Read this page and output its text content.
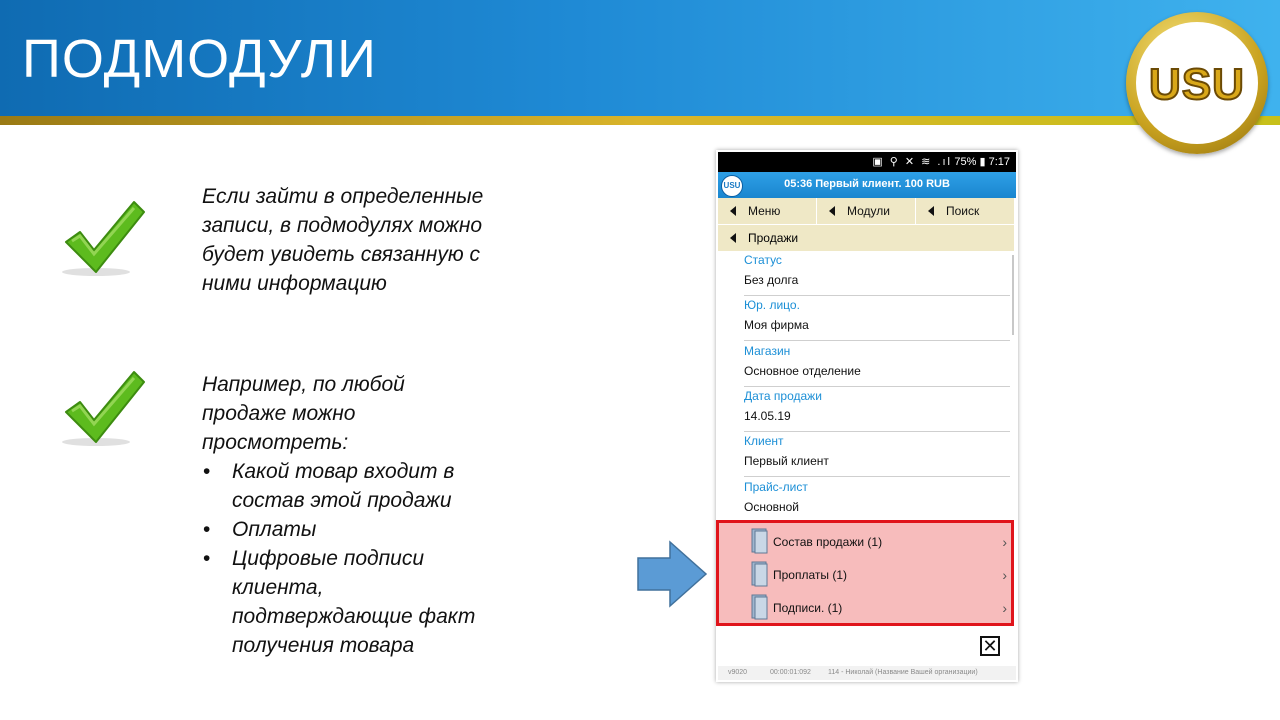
ПОДМОДУЛИ	USU

Если зайти в определенные

записи, в подмодулях можно

будет увидеть связанную с

ними информацию

Например, по любой

продаже можно

просмотреть:

• Какой товар входит в
состав этой продажи
• Оплаты
• Цифровые подписи
клиента,
подтверждающие факт
получения товара
▣ ⚲ ✕ ≋ .ıl 75% ▮ 7:17
USU	05:36 Первый клиент. 100 RUB
Меню	Модули	Поиск
Продажи
Статус
Без долга
Юр. лицо.
Моя фирма
Магазин
Основное отделение
Дата продажи
14.05.19
Клиент
Первый клиент
Прайс-лист
Основной
Состав продажи (1)	›
Проплаты (1)	›
Подписи. (1)	›
✕
v9020	00:00:01:092 114 - Николай (Название Вашей организации)
